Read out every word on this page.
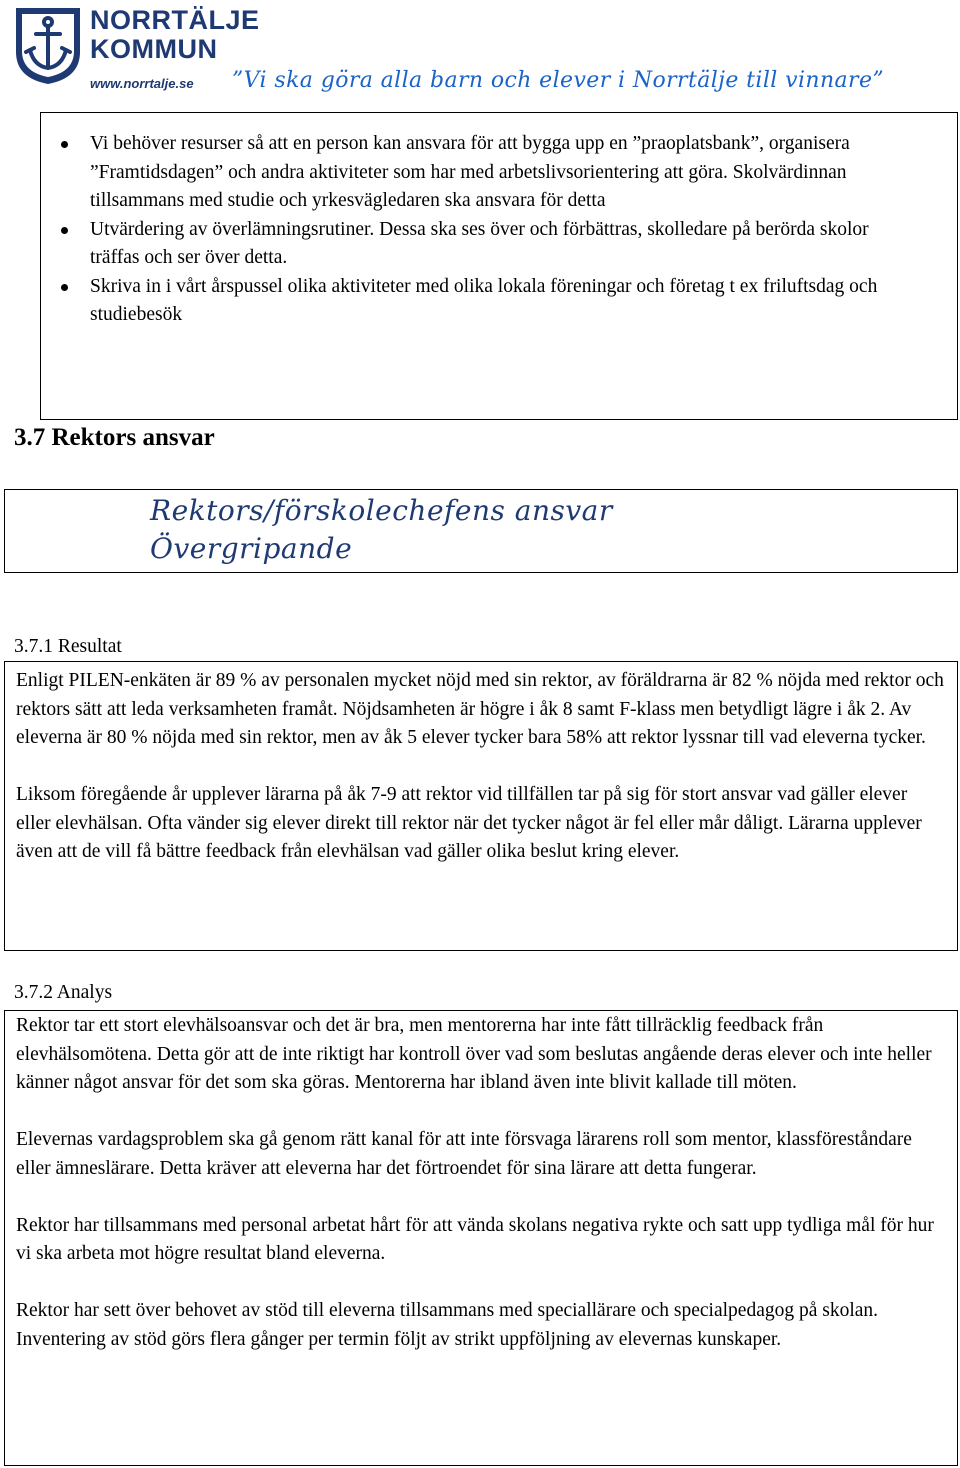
NORRTÄLJE
KOMMUN
www.norrtalje.se ”Vi ska göra alla barn och elever i Norrtälje till vinnare”
Vi behöver resurser så att en person kan ansvara för att bygga upp en ”praoplatsbank”, organisera ”Framtidsdagen” och andra aktiviteter som har med arbetslivsorientering att göra. Skolvärdinnan tillsammans med studie och yrkesvägledaren ska ansvara för detta
Utvärdering av överlämningsrutiner. Dessa ska ses över och förbättras, skolledare på berörda skolor träffas och ser över detta.
Skriva in i vårt årspussel olika aktiviteter med olika lokala föreningar och företag t ex friluftsdag och studiebesök
3.7 Rektors ansvar
Rektors/förskolechefens ansvar
Övergripande
3.7.1 Resultat

Enligt PILEN-enkäten är 89 % av personalen mycket nöjd med sin rektor, av föräldrarna är 82 % nöjda med rektor och rektors sätt att leda verksamheten framåt. Nöjdsamheten är högre i åk 8 samt F-klass men betydligt lägre i åk 2. Av eleverna är 80 % nöjda med sin rektor, men av åk 5 elever tycker bara 58% att rektor lyssnar till vad eleverna tycker.

Liksom föregående år upplever lärarna på åk 7-9 att rektor vid tillfällen tar på sig för stort ansvar vad gäller elever eller elevhälsan. Ofta vänder sig elever direkt till rektor när det tycker något är fel eller mår dåligt. Lärarna upplever även att de vill få bättre feedback från elevhälsan vad gäller olika beslut kring elever.

3.7.2 Analys

Rektor tar ett stort elevhälsoansvar och det är bra, men mentorerna har inte fått tillräcklig feedback från elevhälsomötena. Detta gör att de inte riktigt har kontroll över vad som beslutas angående deras elever och inte heller känner något ansvar för det som ska göras. Mentorerna har ibland även inte blivit kallade till möten.

Elevernas vardagsproblem ska gå genom rätt kanal för att inte försvaga lärarens roll som mentor, klassföreståndare eller ämneslärare. Detta kräver att eleverna har det förtroendet för sina lärare att detta fungerar.

Rektor har tillsammans med personal arbetat hårt för att vända skolans negativa rykte och satt upp tydliga mål för hur vi ska arbeta mot högre resultat bland eleverna.

Rektor har sett över behovet av stöd till eleverna tillsammans med speciallärare och specialpedagog på skolan. Inventering av stöd görs flera gånger per termin följt av strikt uppföljning av elevernas kunskaper.
